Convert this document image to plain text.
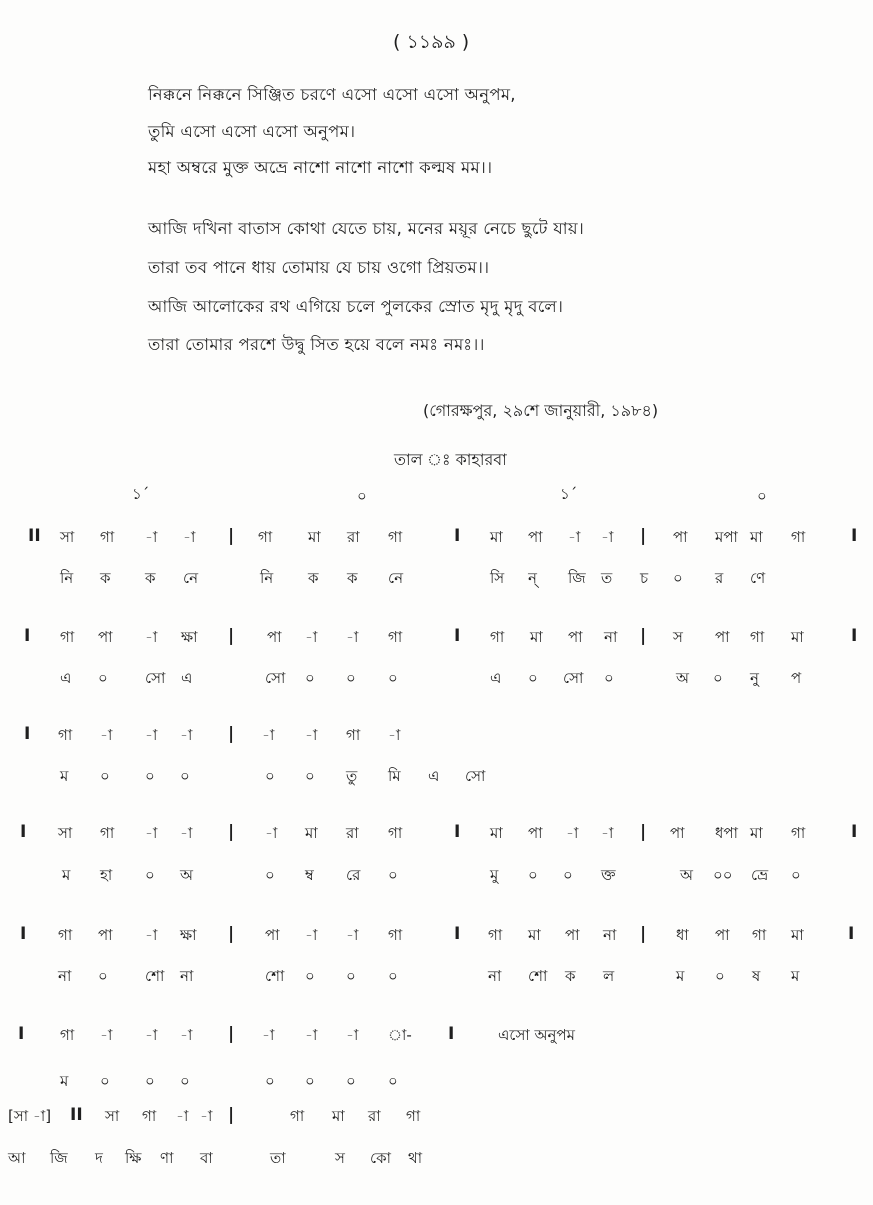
( ১১৯৯ )
নিক্কনে নিক্কনে সিঞ্জিত চরণে এসো এসো এসো অনুপম,
তুমি এসো এসো এসো অনুপম।
মহা অম্বরে মুক্ত অভ্রে নাশো নাশো নাশো কল্মষ মম।।
আজি দখিনা বাতাস কোথা যেতে চায়, মনের ময়ূর নেচে ছুটে যায়।
তারা তব পানে ধায় তোমায় যে চায় ওগো প্রিয়তম।।
আজি আলোকের রথ এগিয়ে চলে পুলকের স্রোত মৃদু মৃদু বলে।
তারা তোমার পরশে উদ্বু সিত হয়ে বলে নমঃ নমঃ।।
(গোরক্ষপুর, ২৯শে জানুয়ারী, ১৯৮৪)
তাল ঃ কাহারবা
১´	০	১´	০
II সা গা -া -া | গা মা রা গা	I মা পা -া -া | পা মপা মা গা	I
নি ক ক নে	নি ক ক নে	সি ন্ জি ত চ ০ র ণে
I গা পা -া ক্ষা | পা -া -া গা	I গা মা পা না | স পা গা মা	I
এ ০ সো এ	সো ০ ০ ০	এ ০ সো ০	অ ০ নু প
I গা -া -া -া | -া -া গা -া
ম ০ ০ ০	০ ০ তু মি এ সো
I সা গা -া -া | -া মা রা গা	I মা পা -া -া | পা ধপা মা গা	I
ম হা ০ অ	০ ম্ব রে ০	মু ০ ০ ক্ত	অ ০০ ভ্রে ০
I গা পা -া ক্ষা | পা -া -া গা	I গা মা পা না | ধা পা গা মা	I
না ০ শো না	শো ০ ০ ০	না শো ক ল	ম ০ ষ ম
I গা -া -া -া | -া -া -া া- I	এসো অনুপম
ম ০ ০ ০	০ ০ ০ ০
[সা -া] II সা গা -া -া |	গা মা রা গা
আ জি দ ক্ষি ণা বা	তা	স কো থা
